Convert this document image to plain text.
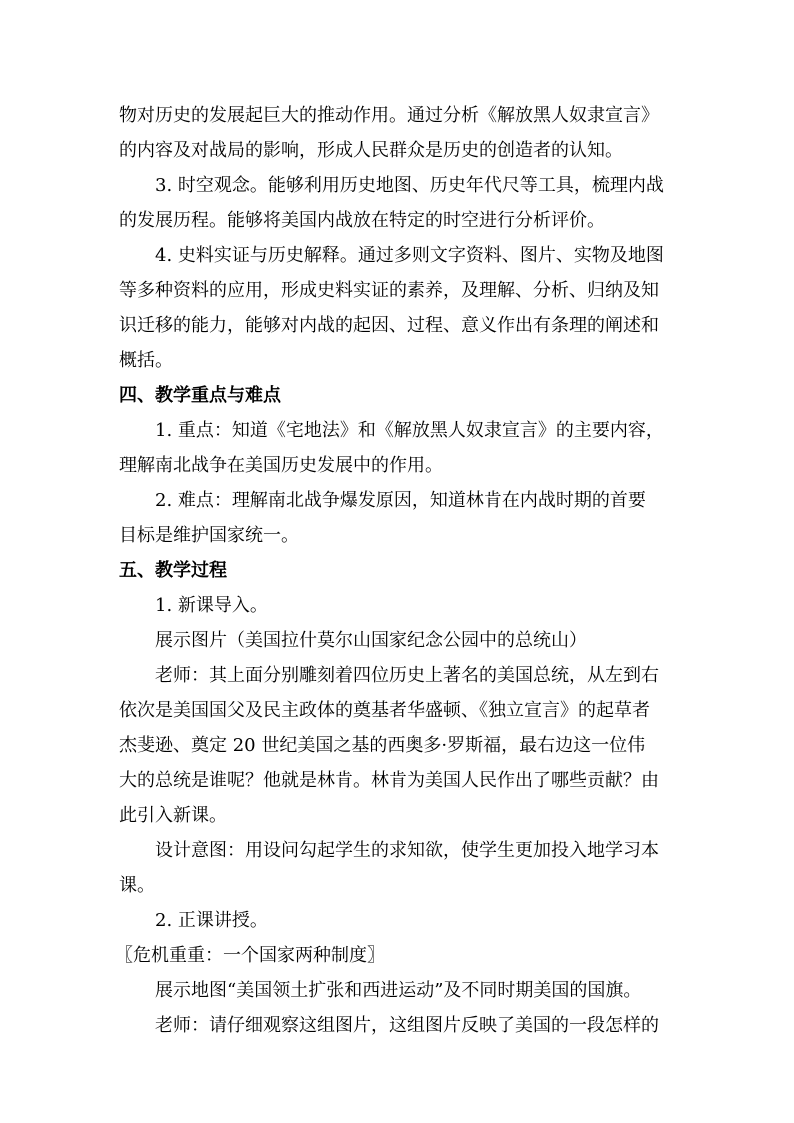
物对历史的发展起巨大的推动作用。通过分析《解放黑人奴隶宣言》
的内容及对战局的影响，形成人民群众是历史的创造者的认知。
3. 时空观念。能够利用历史地图、历史年代尺等工具，梳理内战
的发展历程。能够将美国内战放在特定的时空进行分析评价。
4. 史料实证与历史解释。通过多则文字资料、图片、实物及地图
等多种资料的应用，形成史料实证的素养，及理解、分析、归纳及知
识迁移的能力，能够对内战的起因、过程、意义作出有条理的阐述和
概括。
四、教学重点与难点
1. 重点：知道《宅地法》和《解放黑人奴隶宣言》的主要内容，
理解南北战争在美国历史发展中的作用。
2. 难点：理解南北战争爆发原因，知道林肯在内战时期的首要
目标是维护国家统一。
五、教学过程
1. 新课导入。
展示图片（美国拉什莫尔山国家纪念公园中的总统山）
老师：其上面分别雕刻着四位历史上著名的美国总统，从左到右
依次是美国国父及民主政体的奠基者华盛顿、《独立宣言》的起草者
杰斐逊、奠定 20 世纪美国之基的西奥多·罗斯福，最右边这一位伟
大的总统是谁呢？他就是林肯。林肯为美国人民作出了哪些贡献？由
此引入新课。
设计意图：用设问勾起学生的求知欲，使学生更加投入地学习本
课。
2. 正课讲授。
〖危机重重：一个国家两种制度〗
展示地图“美国领土扩张和西进运动”及不同时期美国的国旗。
老师：请仔细观察这组图片，这组图片反映了美国的一段怎样的
